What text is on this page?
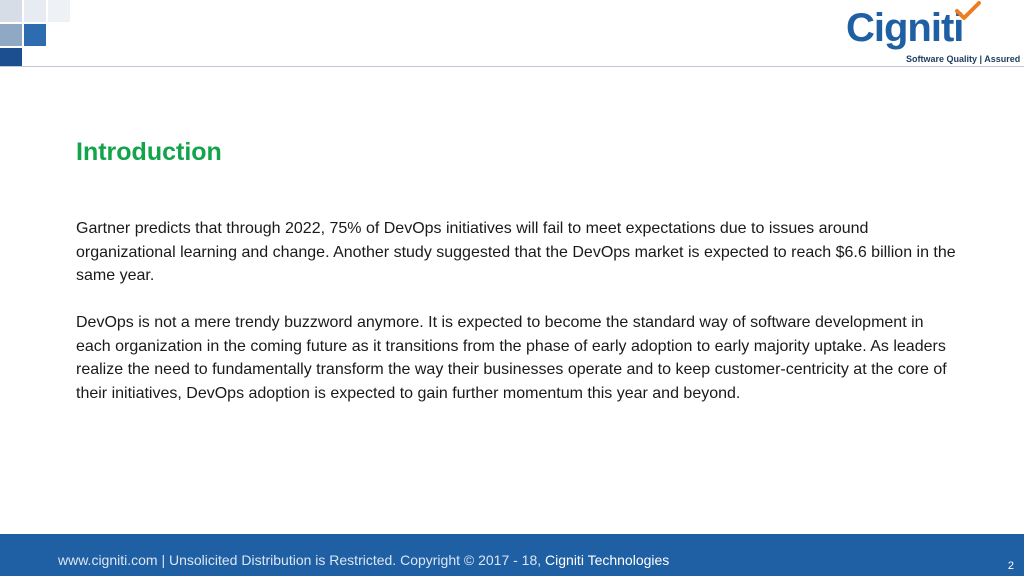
Cigniti
Software Quality | Assured
Introduction

Gartner predicts that through 2022, 75% of DevOps initiatives will fail to meet expectations due to issues around organizational learning and change. Another study suggested that the DevOps market is expected to reach $6.6 billion in the same year.

DevOps is not a mere trendy buzzword anymore. It is expected to become the standard way of software development in each organization in the coming future as it transitions from the phase of early adoption to early majority uptake. As leaders realize the need to fundamentally transform the way their businesses operate and to keep customer-centricity at the core of their initiatives, DevOps adoption is expected to gain further momentum this year and beyond.

www.cigniti.com | Unsolicited Distribution is Restricted. Copyright © 2017 - 18, Cigniti Technologies	2
